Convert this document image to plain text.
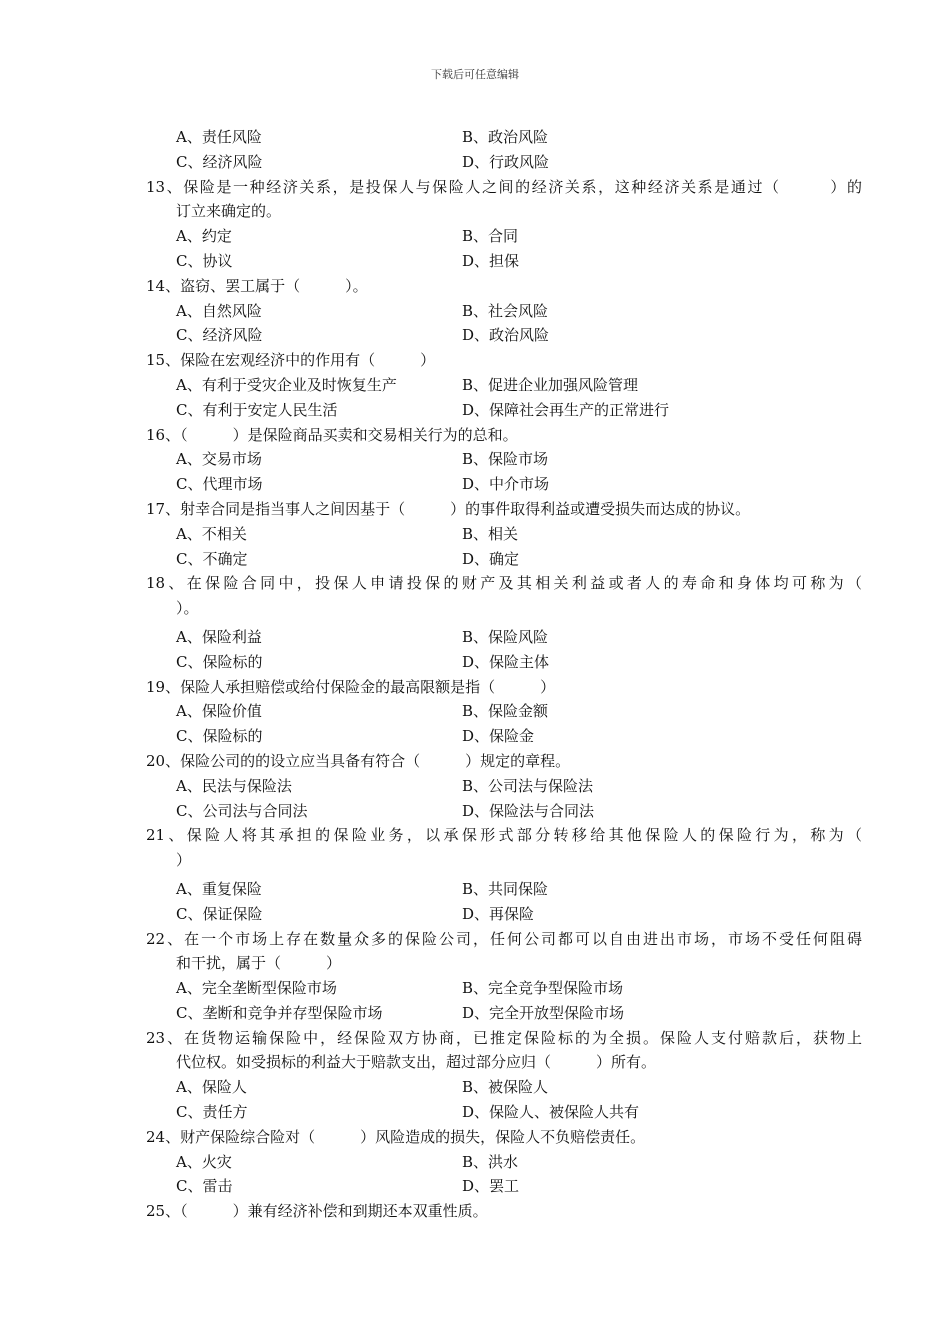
下载后可任意编辑
A、责任风险	B、政治风险
C、经济风险	D、行政风险
13、保险是一种经济关系，是投保人与保险人之间的经济关系，这种经济关系是通过（　　　）的
订立来确定的。
A、约定	B、合同
C、协议	D、担保
14、盗窃、罢工属于（　　　）。
A、自然风险	B、社会风险
C、经济风险	D、政治风险
15、保险在宏观经济中的作用有（　　　）
A、有利于受灾企业及时恢复生产	B、促进企业加强风险管理
C、有利于安定人民生活	D、保障社会再生产的正常进行
16、（　　　）是保险商品买卖和交易相关行为的总和。
A、交易市场	B、保险市场
C、代理市场	D、中介市场
17、射幸合同是指当事人之间因基于（　　　）的事件取得利益或遭受损失而达成的协议。
A、不相关	B、相关
C、不确定	D、确定
18、在保险合同中，投保人申请投保的财产及其相关利益或者人的寿命和身体均可称为（
）。
A、保险利益	B、保险风险
C、保险标的	D、保险主体
19、保险人承担赔偿或给付保险金的最高限额是指（　　　）
A、保险价值	B、保险金额
C、保险标的	D、保险金
20、保险公司的的设立应当具备有符合（　　　）规定的章程。
A、民法与保险法	B、公司法与保险法
C、公司法与合同法	D、保险法与合同法
21、保险人将其承担的保险业务，以承保形式部分转移给其他保险人的保险行为，称为（
）
A、重复保险	B、共同保险
C、保证保险	D、再保险
22、在一个市场上存在数量众多的保险公司，任何公司都可以自由进出市场，市场不受任何阻碍
和干扰，属于（　　　）
A、完全垄断型保险市场	B、完全竞争型保险市场
C、垄断和竞争并存型保险市场	D、完全开放型保险市场
23、在货物运输保险中，经保险双方协商，已推定保险标的为全损。保险人支付赔款后，获物上
代位权。如受损标的利益大于赔款支出，超过部分应归（　　　）所有。
A、保险人	B、被保险人
C、责任方	D、保险人、被保险人共有
24、财产保险综合险对（　　　）风险造成的损失，保险人不负赔偿责任。
A、火灾	B、洪水
C、雷击	D、罢工
25、（　　　）兼有经济补偿和到期还本双重性质。
